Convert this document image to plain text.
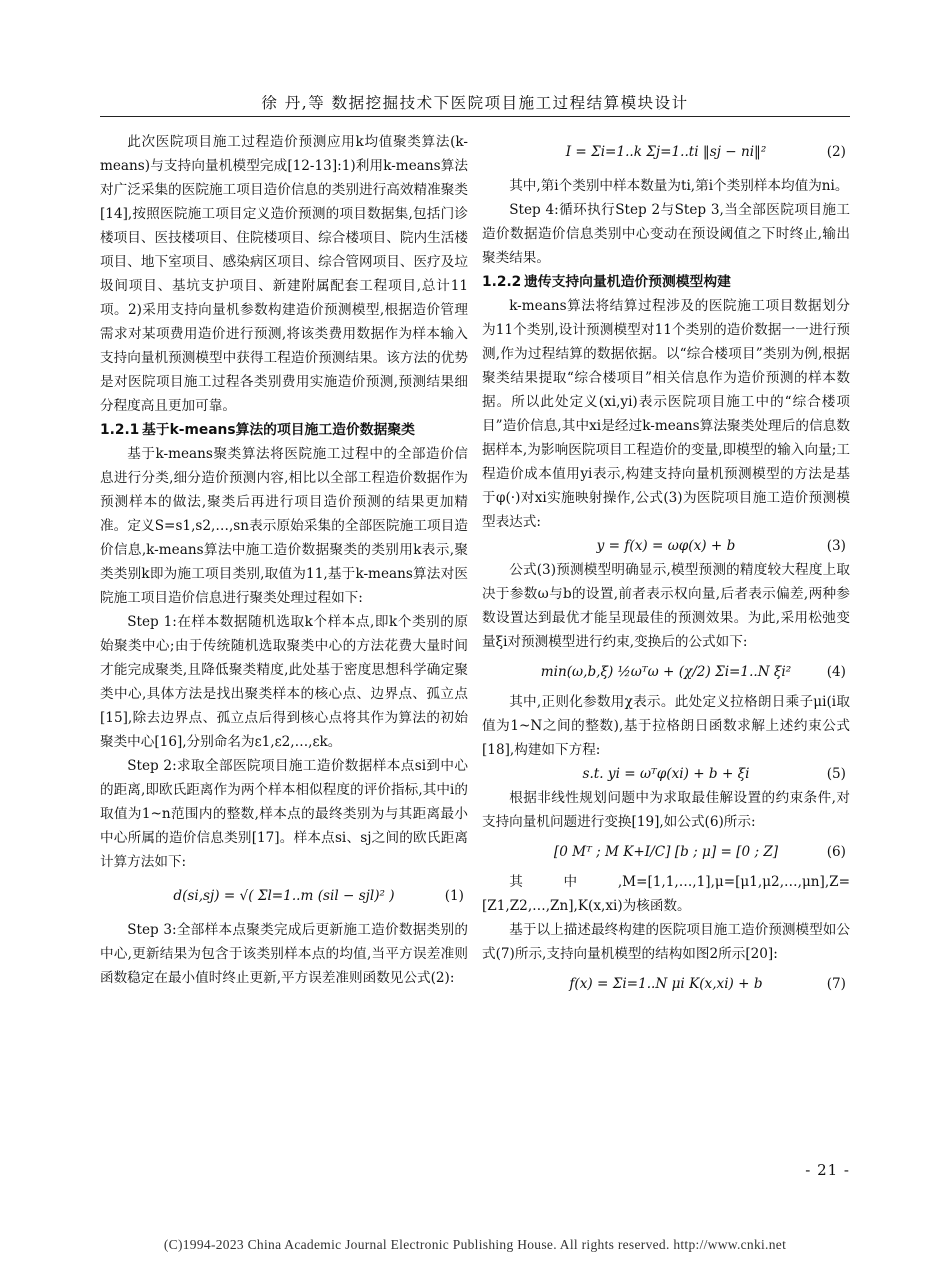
徐 丹,等 数据挖掘技术下医院项目施工过程结算模块设计

此次医院项目施工过程造价预测应用k均值聚类算法(k-means)与支持向量机模型完成[12-13]:1)利用k-means算法对广泛采集的医院施工项目造价信息的类别进行高效精准聚类[14],按照医院施工项目定义造价预测的项目数据集,包括门诊楼项目、医技楼项目、住院楼项目、综合楼项目、院内生活楼项目、地下室项目、感染病区项目、综合管网项目、医疗及垃圾间项目、基坑支护项目、新建附属配套工程项目,总计11项。2)采用支持向量机参数构建造价预测模型,根据造价管理需求对某项费用造价进行预测,将该类费用数据作为样本输入支持向量机预测模型中获得工程造价预测结果。该方法的优势是对医院项目施工过程各类别费用实施造价预测,预测结果细分程度高且更加可靠。

1.2.1 基于k-means算法的项目施工造价数据聚类

基于k-means聚类算法将医院施工过程中的全部造价信息进行分类,细分造价预测内容,相比以全部工程造价数据作为预测样本的做法,聚类后再进行项目造价预测的结果更加精准。定义S=s1,s2,…,sn表示原始采集的全部医院施工项目造价信息,k-means算法中施工造价数据聚类的类别用k表示,聚类类别k即为施工项目类别,取值为11,基于k-means算法对医院施工项目造价信息进行聚类处理过程如下:

Step 1:在样本数据随机选取k个样本点,即k个类别的原始聚类中心;由于传统随机选取聚类中心的方法花费大量时间才能完成聚类,且降低聚类精度,此处基于密度思想科学确定聚类中心,具体方法是找出聚类样本的核心点、边界点、孤立点[15],除去边界点、孤立点后得到核心点将其作为算法的初始聚类中心[16],分别命名为ε1,ε2,…,εk。

Step 2:求取全部医院项目施工造价数据样本点si到中心的距离,即欧氏距离作为两个样本相似程度的评价指标,其中i的取值为1~n范围内的整数,样本点的最终类别为与其距离最小中心所属的造价信息类别[17]。样本点si、sj之间的欧氏距离计算方法如下:

d(si,sj) = √( Σl=1..m (sil − sjl)² )	(1)

Step 3:全部样本点聚类完成后更新施工造价数据类别的中心,更新结果为包含于该类别样本点的均值,当平方误差准则函数稳定在最小值时终止更新,平方误差准则函数见公式(2):

I = Σi=1..k Σj=1..ti ‖sj − ni‖²	(2)

其中,第i个类别中样本数量为ti,第i个类别样本均值为ni。

Step 4:循环执行Step 2与Step 3,当全部医院项目施工造价数据造价信息类别中心变动在预设阈值之下时终止,输出聚类结果。

1.2.2 遗传支持向量机造价预测模型构建

k-means算法将结算过程涉及的医院施工项目数据划分为11个类别,设计预测模型对11个类别的造价数据一一进行预测,作为过程结算的数据依据。以“综合楼项目”类别为例,根据聚类结果提取“综合楼项目”相关信息作为造价预测的样本数据。所以此处定义(xi,yi)表示医院项目施工中的“综合楼项目”造价信息,其中xi是经过k-means算法聚类处理后的信息数据样本,为影响医院项目工程造价的变量,即模型的输入向量;工程造价成本值用yi表示,构建支持向量机预测模型的方法是基于φ(·)对xi实施映射操作,公式(3)为医院项目施工造价预测模型表达式:

y = f(x) = ωφ(x) + b	(3)

公式(3)预测模型明确显示,模型预测的精度较大程度上取决于参数ω与b的设置,前者表示权向量,后者表示偏差,两种参数设置达到最优才能呈现最佳的预测效果。为此,采用松弛变量ξi对预测模型进行约束,变换后的公式如下:

min(ω,b,ξ) ½ωᵀω + (χ/2) Σi=1..N ξi²	(4)

其中,正则化参数用χ表示。此处定义拉格朗日乘子μi(i取值为1~N之间的整数),基于拉格朗日函数求解上述约束公式[18],构建如下方程:

s.t. yi = ωᵀφ(xi) + b + ξi	(5)

根据非线性规划问题中为求取最佳解设置的约束条件,对支持向量机问题进行变换[19],如公式(6)所示:

[0 Mᵀ ; M K+I/C] [b ; μ] = [0 ; Z]	(6)

其中,M=[1,1,…,1],μ=[μ1,μ2,…,μn],Z=[Z1,Z2,…,Zn],K(x,xi)为核函数。

基于以上描述最终构建的医院项目施工造价预测模型如公式(7)所示,支持向量机模型的结构如图2所示[20]:

f(x) = Σi=1..N μi K(x,xi) + b	(7)
- 21 -
(C)1994-2023 China Academic Journal Electronic Publishing House. All rights reserved. http://www.cnki.net
